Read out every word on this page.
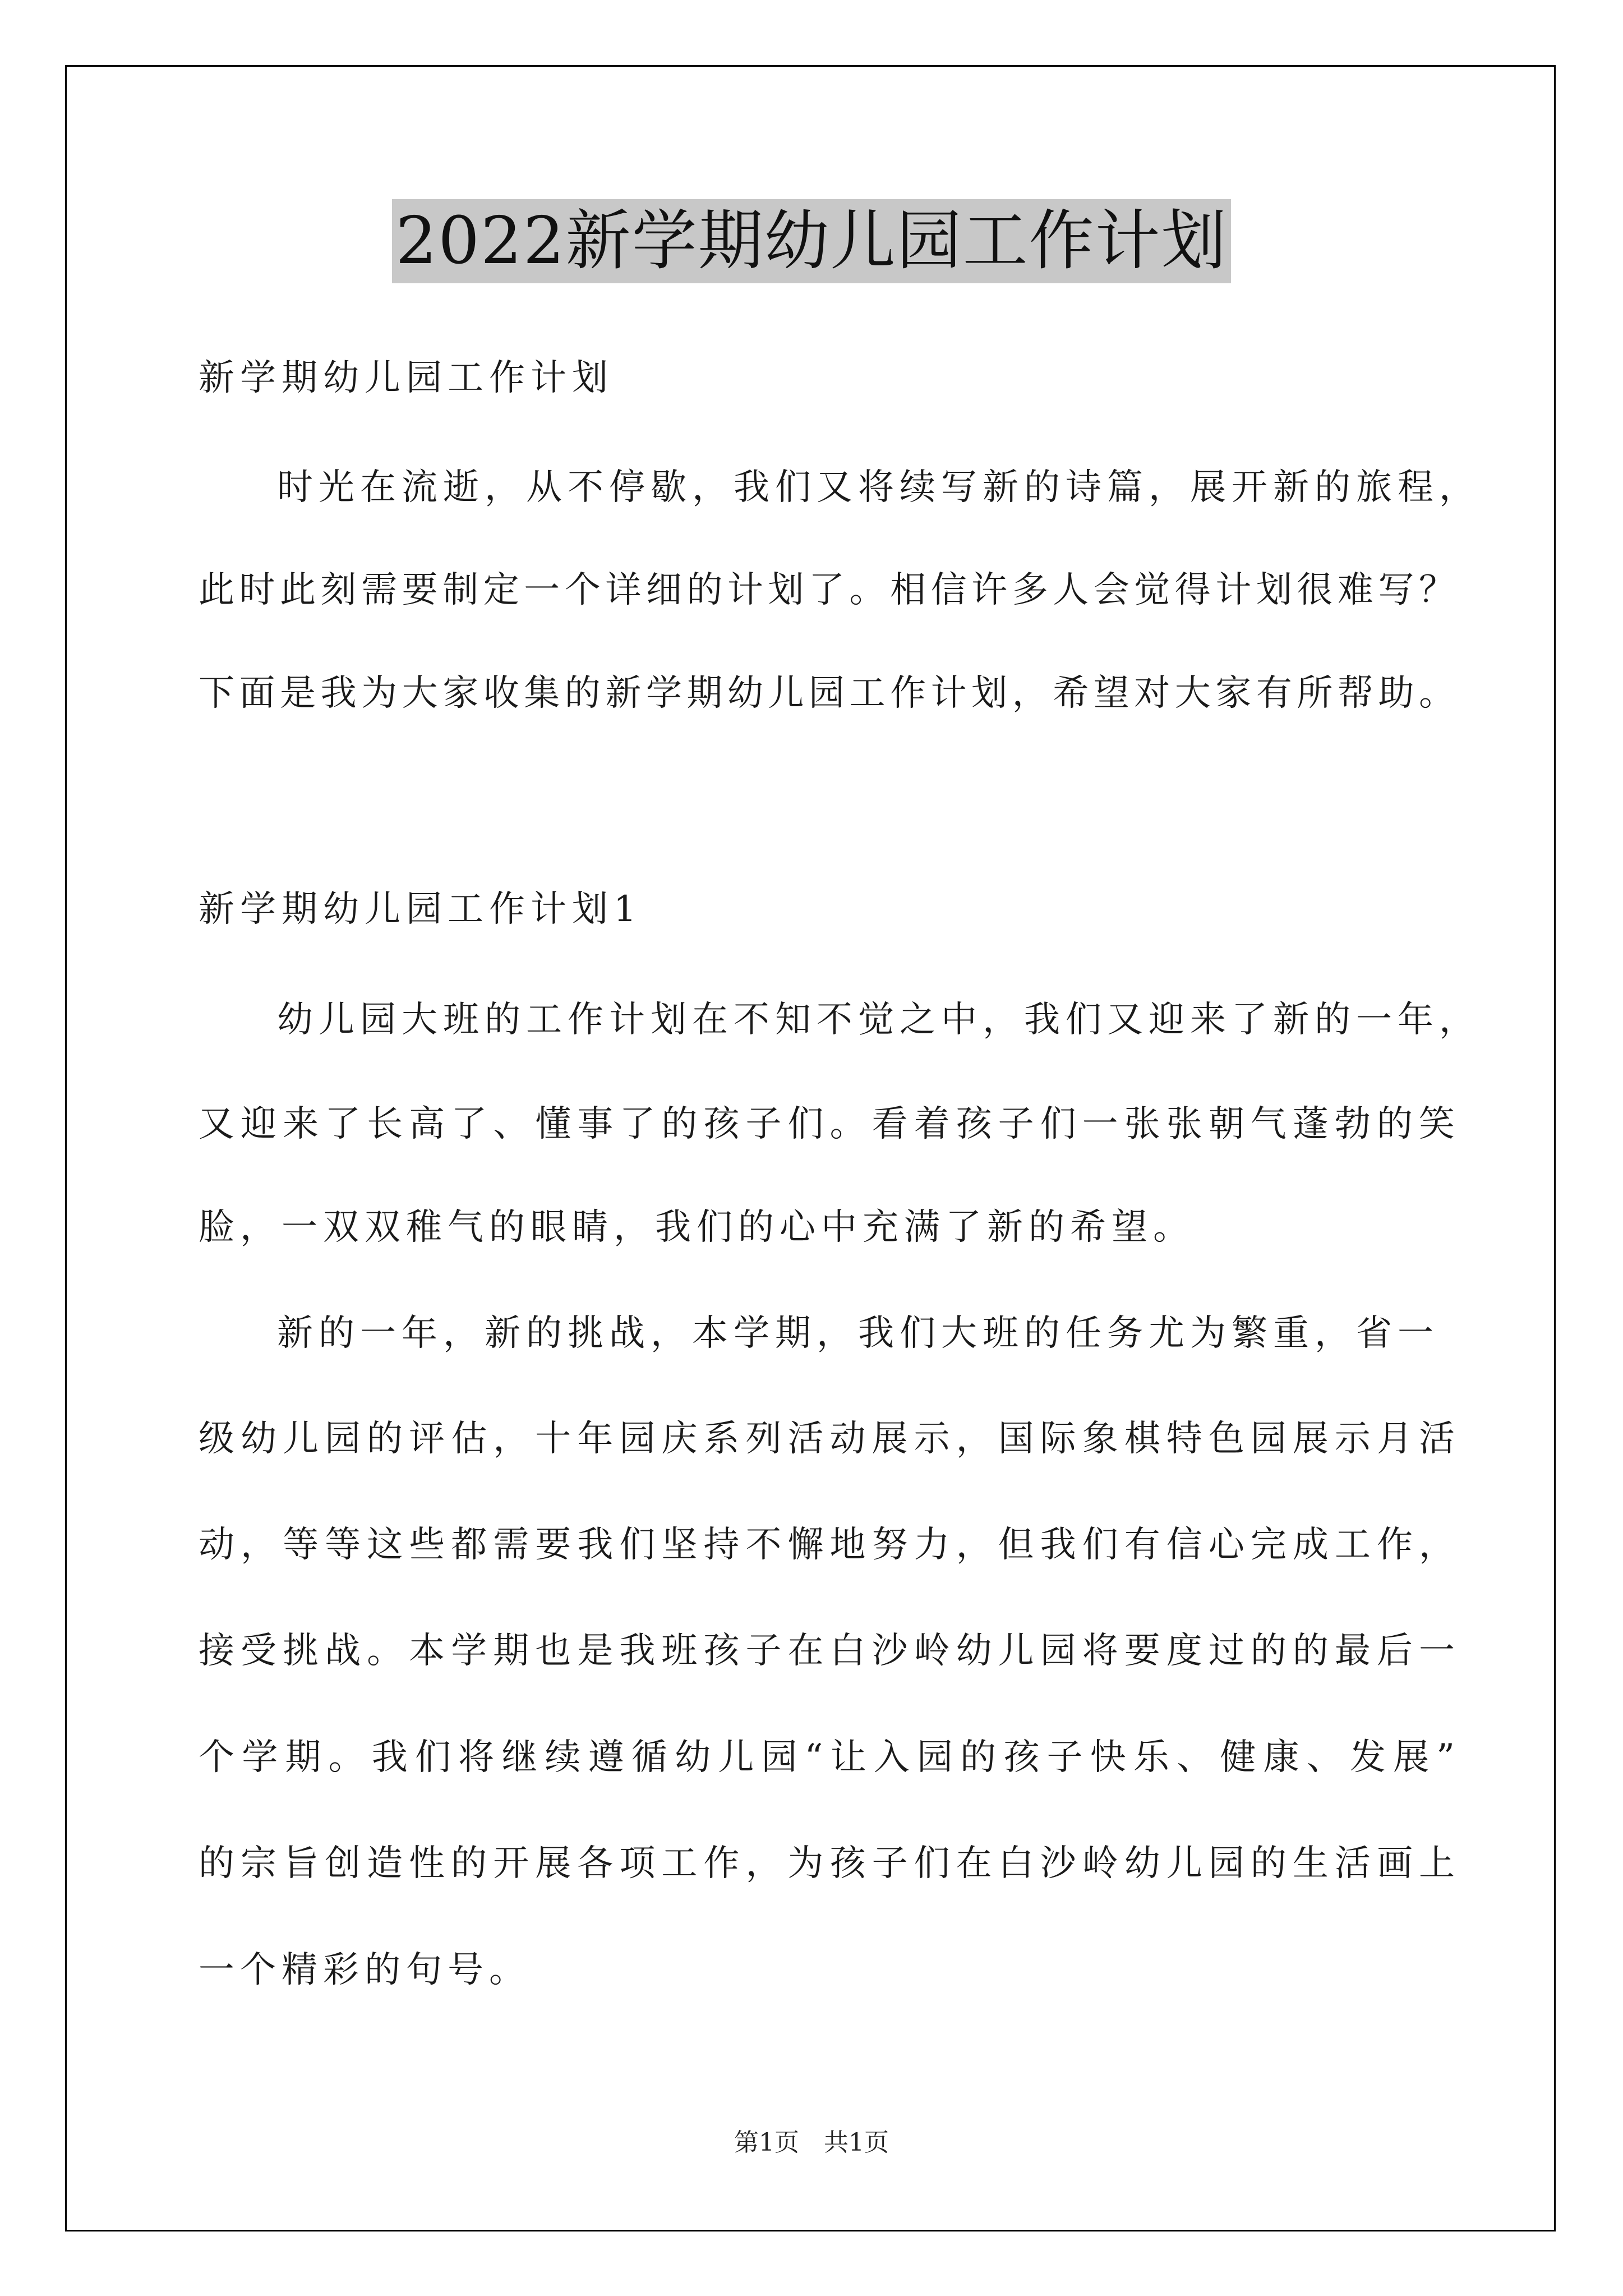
2022新学期幼儿园工作计划
新学期幼儿园工作计划
时光在流逝，从不停歇，我们又将续写新的诗篇，展开新的旅程，
此时此刻需要制定一个详细的计划了。相信许多人会觉得计划很难写？
下面是我为大家收集的新学期幼儿园工作计划，希望对大家有所帮助。
新学期幼儿园工作计划1
幼儿园大班的工作计划在不知不觉之中，我们又迎来了新的一年，
又迎来了长高了、懂事了的孩子们。看着孩子们一张张朝气蓬勃的笑
脸，一双双稚气的眼睛，我们的心中充满了新的希望。
新的一年，新的挑战，本学期，我们大班的任务尤为繁重，省一
级幼儿园的评估，十年园庆系列活动展示，国际象棋特色园展示月活
动，等等这些都需要我们坚持不懈地努力，但我们有信心完成工作，
接受挑战。本学期也是我班孩子在白沙岭幼儿园将要度过的的最后一
个学期。我们将继续遵循幼儿园“让入园的孩子快乐、健康、发展”
的宗旨创造性的开展各项工作，为孩子们在白沙岭幼儿园的生活画上
一个精彩的句号。
第1页　共1页
